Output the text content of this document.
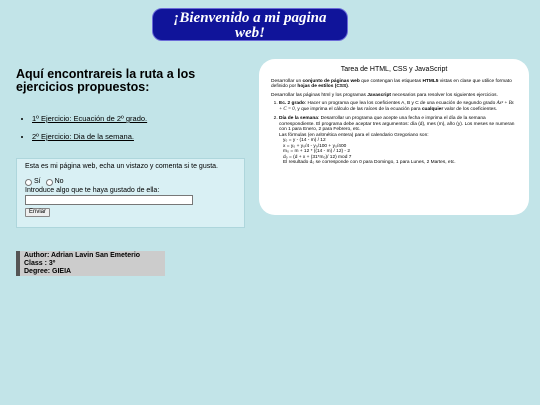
¡Bienvenido a mi pagina
web!
Aquí encontrareis la ruta a los ejercicios propuestos:
• 1º Ejercicio: Ecuación de 2º grado.
• 2º Ejercicio: Dia de la semana.
Esta es mi página web, echa un vistazo y comenta si te gusta.
Sí No
Introduce algo que te haya gustado de ella:
Enviar
Author: Adrian Lavin San Emeterio
Class : 3º
Degree: GIEIA
Tarea de HTML, CSS y JavaScript

Desarrollar un conjunto de páginas web que contengan las etiquetas HTML5 vistas en clase que utilice formato definido por hojas de estilos (CSS).

Desarrollar las páginas html y los programas Javascript necesarios para resolver los siguientes ejercicios.

1. Ec. 2 grado: Hacer un programa que lea los coeficientes A, B y C de una ecuación de segundo grado Ax² + Bx + C = 0, y que imprima el cálculo de las raíces de la ecuación para cualquier valor de los coeficientes.
2. Día de la semana: Desarrollar un programa que acepte una fecha e imprima el día de la semana correspondiente. El programa debe aceptar tres argumentos: día (d), mes (m), año (y). Los meses se numeran con 1 para Enero, 2 para Febrero, etc.
Las fórmulas (en aritmética entera) para el calendario Gregoriano son:
y₀ = y - (14 - m) / 12
x = y₀ + y₀/4 - y₀/100 + y₀/400
m₀ = m + 12 * ((14 - m) / 12) - 2
d₀ = (d + x + (31*m₀)/ 12) mod 7
El resultado d₀ se corresponde con 0 para Domingo, 1 para Lunes, 2 Martes, etc.
